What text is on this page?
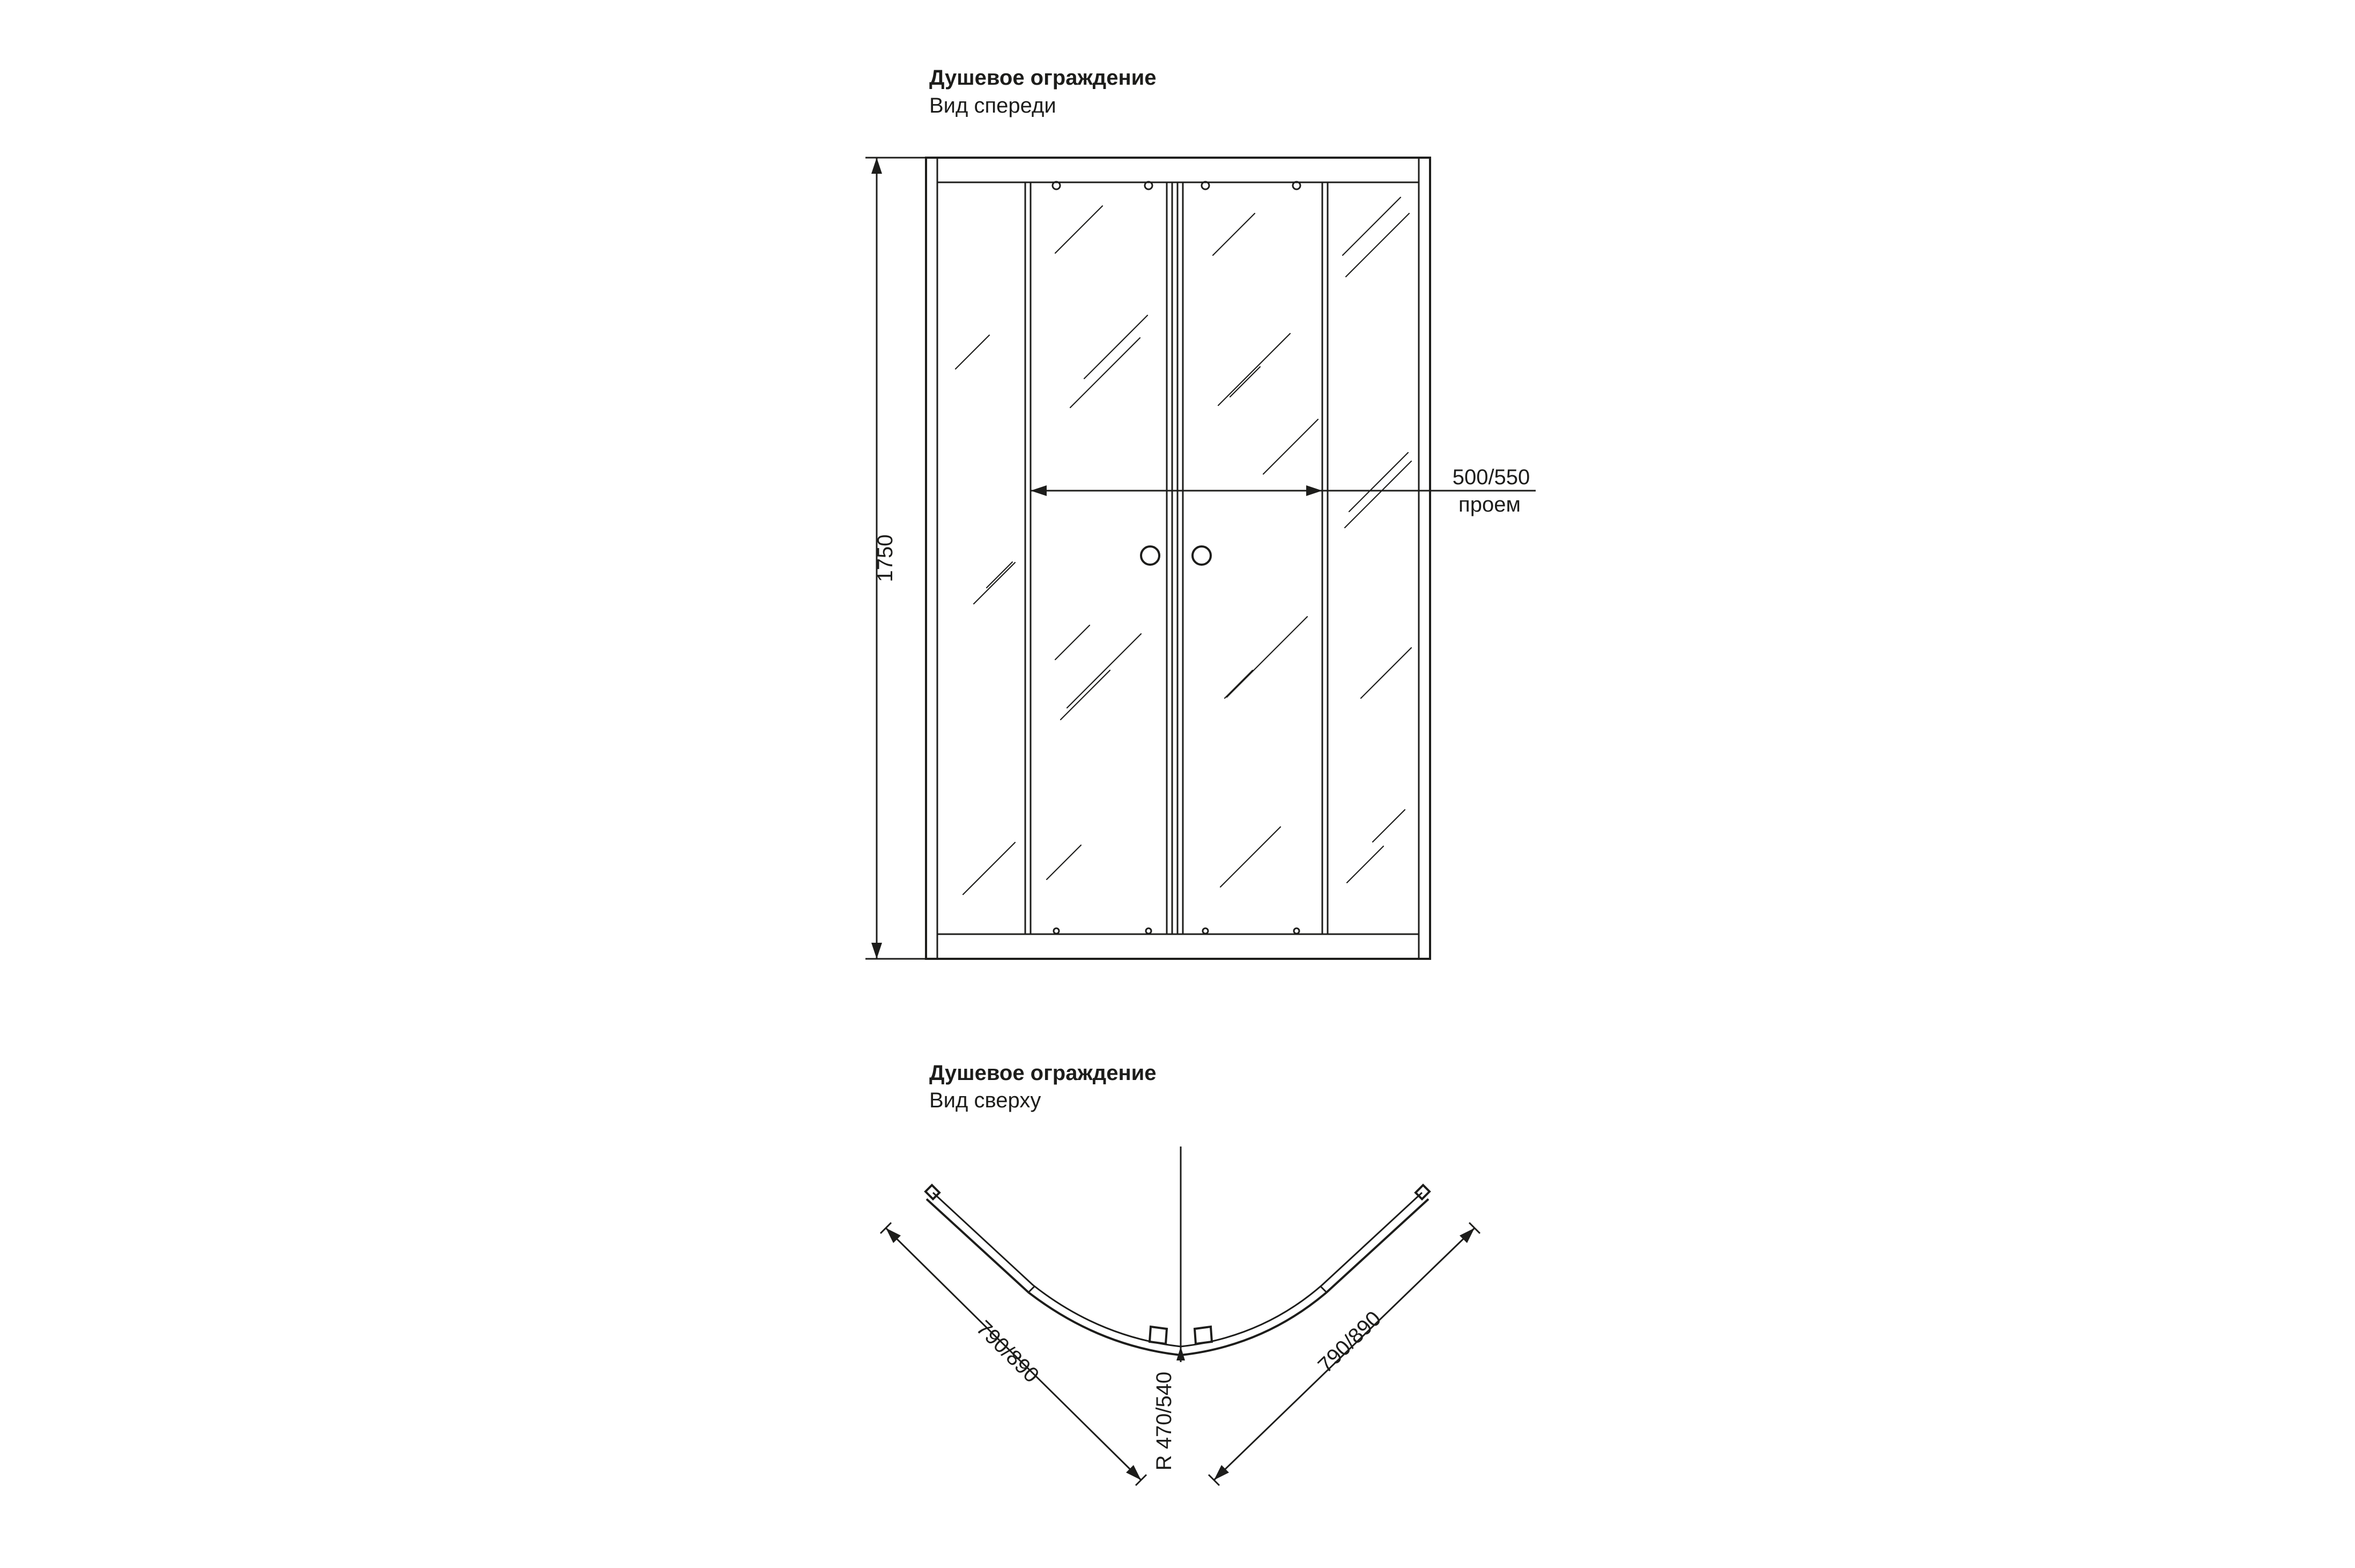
Душевое ограждение
Вид спереди
1750
500/550
проем
Душевое ограждение
Вид сверху
790/890	790/890
R 470/540
